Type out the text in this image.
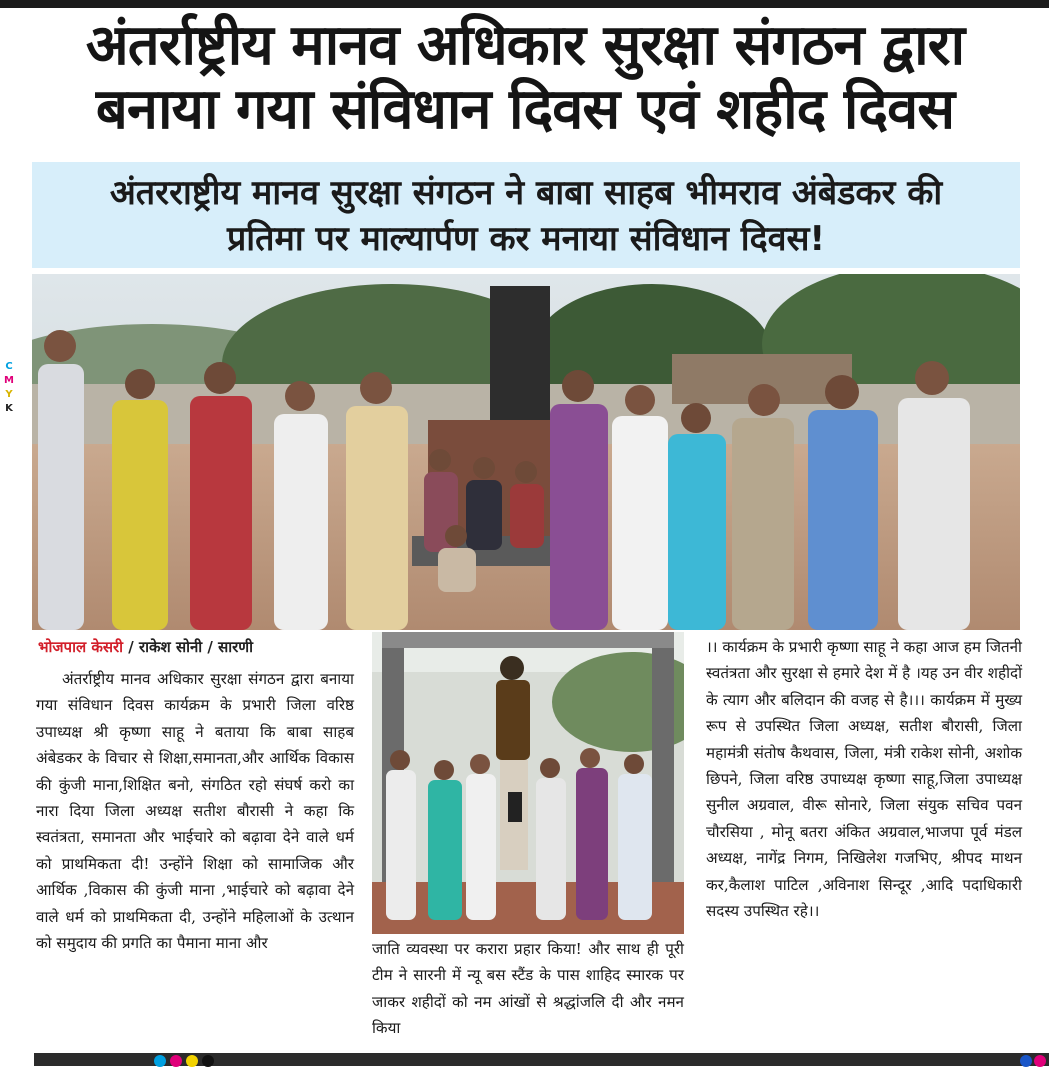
C
M
Y
K
अंतर्राष्ट्रीय मानव अधिकार सुरक्षा संगठन द्वारा
बनाया गया संविधान दिवस एवं शहीद दिवस
अंतरराष्ट्रीय मानव सुरक्षा संगठन ने बाबा साहब भीमराव अंबेडकर की
प्रतिमा पर माल्यार्पण कर मनाया संविधान दिवस!
भोजपाल केसरी / राकेश सोनी / सारणी
अंतर्राष्ट्रीय मानव अधिकार सुरक्षा संगठन द्वारा बनाया गया संविधान दिवस कार्यक्रम के प्रभारी जिला वरिष्ठ उपाध्यक्ष श्री कृष्णा साहू ने बताया कि बाबा साहब अंबेडकर के विचार से शिक्षा,समानता,और आर्थिक विकास की कुंजी माना,शिक्षित बनो, संगठित रहो संघर्ष करो का नारा दिया जिला अध्यक्ष सतीश बौरासी ने कहा कि स्वतंत्रता, समानता और भाईचारे को बढ़ावा देने वाले धर्म को प्राथमिकता दी! उन्होंने शिक्षा को सामाजिक और आर्थिक ,विकास की कुंजी माना ,भाईचारे को बढ़ावा देने वाले धर्म को प्राथमिकता दी, उन्होंने महिलाओं के उत्थान को समुदाय की प्रगति का पैमाना माना और	जाति व्यवस्था पर करारा प्रहार किया! और साथ ही पूरी टीम ने सारनी में न्यू बस स्टैंड के पास शाहिद स्मारक पर जाकर शहीदों को नम आंखों से श्रद्धांजलि दी और नमन किया
।। कार्यक्रम के प्रभारी कृष्णा साहू ने कहा आज हम जितनी स्वतंत्रता और सुरक्षा से हमारे देश में है ।यह उन वीर शहीदों के त्याग और बलिदान की वजह से है।।। कार्यक्रम में मुख्य रूप से उपस्थित जिला अध्यक्ष, सतीश बौरासी, जिला महामंत्री संतोष कैथवास, जिला, मंत्री राकेश सोनी, अशोक छिपने, जिला वरिष्ठ उपाध्यक्ष कृष्णा साहू,जिला उपाध्यक्ष सुनील अग्रवाल, वीरू सोनारे, जिला संयुक सचिव पवन चौरसिया , मोनू बतरा अंकित अग्रवाल,भाजपा पूर्व मंडल अध्यक्ष, नागेंद्र निगम, निखिलेश गजभिए, श्रीपद माथन कर,कैलाश पाटिल ,अविनाश सिन्दूर ,आदि पदाधिकारी सदस्य उपस्थित रहे।।
